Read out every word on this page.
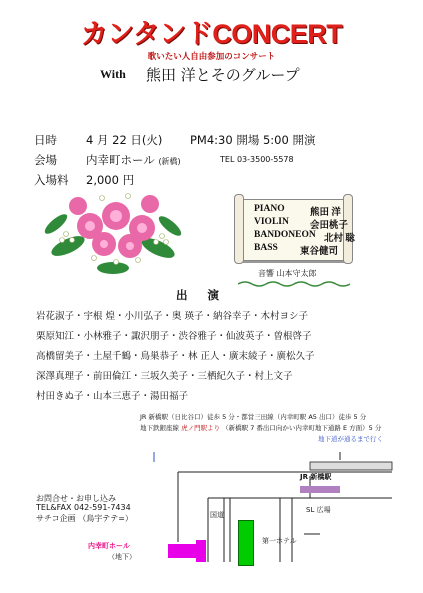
カンタンドCONCERT
歌いたい人自由参加のコンサート
With 熊田 洋とそのグループ
日時	4 月 22 日(火) PM4:30 開場 5:00 開演
会場	内幸町ホール (新橋)	TEL 03-3500-5578
入場料 2,000 円
PIANO	熊田 洋
VIOLIN 会田桃子
BANDONEON 北村 聡
BASS 東谷健司
音響 山本守太郎
出 演
岩花淑子・宇根 煌・小川弘子・奥 瑛子・納谷幸子・木村ヨシ子
栗原知江・小林雅子・諏沢朋子・渋谷雅子・仙波英子・曽根啓子
高橋留美子・土屋千鶴・鳥巣恭子・林 正人・廣末綾子・廣松久子
深澤真理子・前田倫江・三坂久美子・三栖紀久子・村上文子
村田きぬ子・山本三恵子・湯田福子
JR 新橋駅（日比谷口）徒歩 5 分・都営三田線（内幸町駅 A5 出口）徒歩 5 分
地下鉄銀座線 虎ノ門駅より （新橋駅 7 番出口向かい内幸町地下通路 E 方面）5 分
地下道が通るまで行く
お問合せ・お申し込み
TEL&FAX 042-591-7434
サチコ企画 （鳥宇テテ=）
JR 新橋駅
SL 広場
国道
第一ホテル
内幸町ホール
（地下）
